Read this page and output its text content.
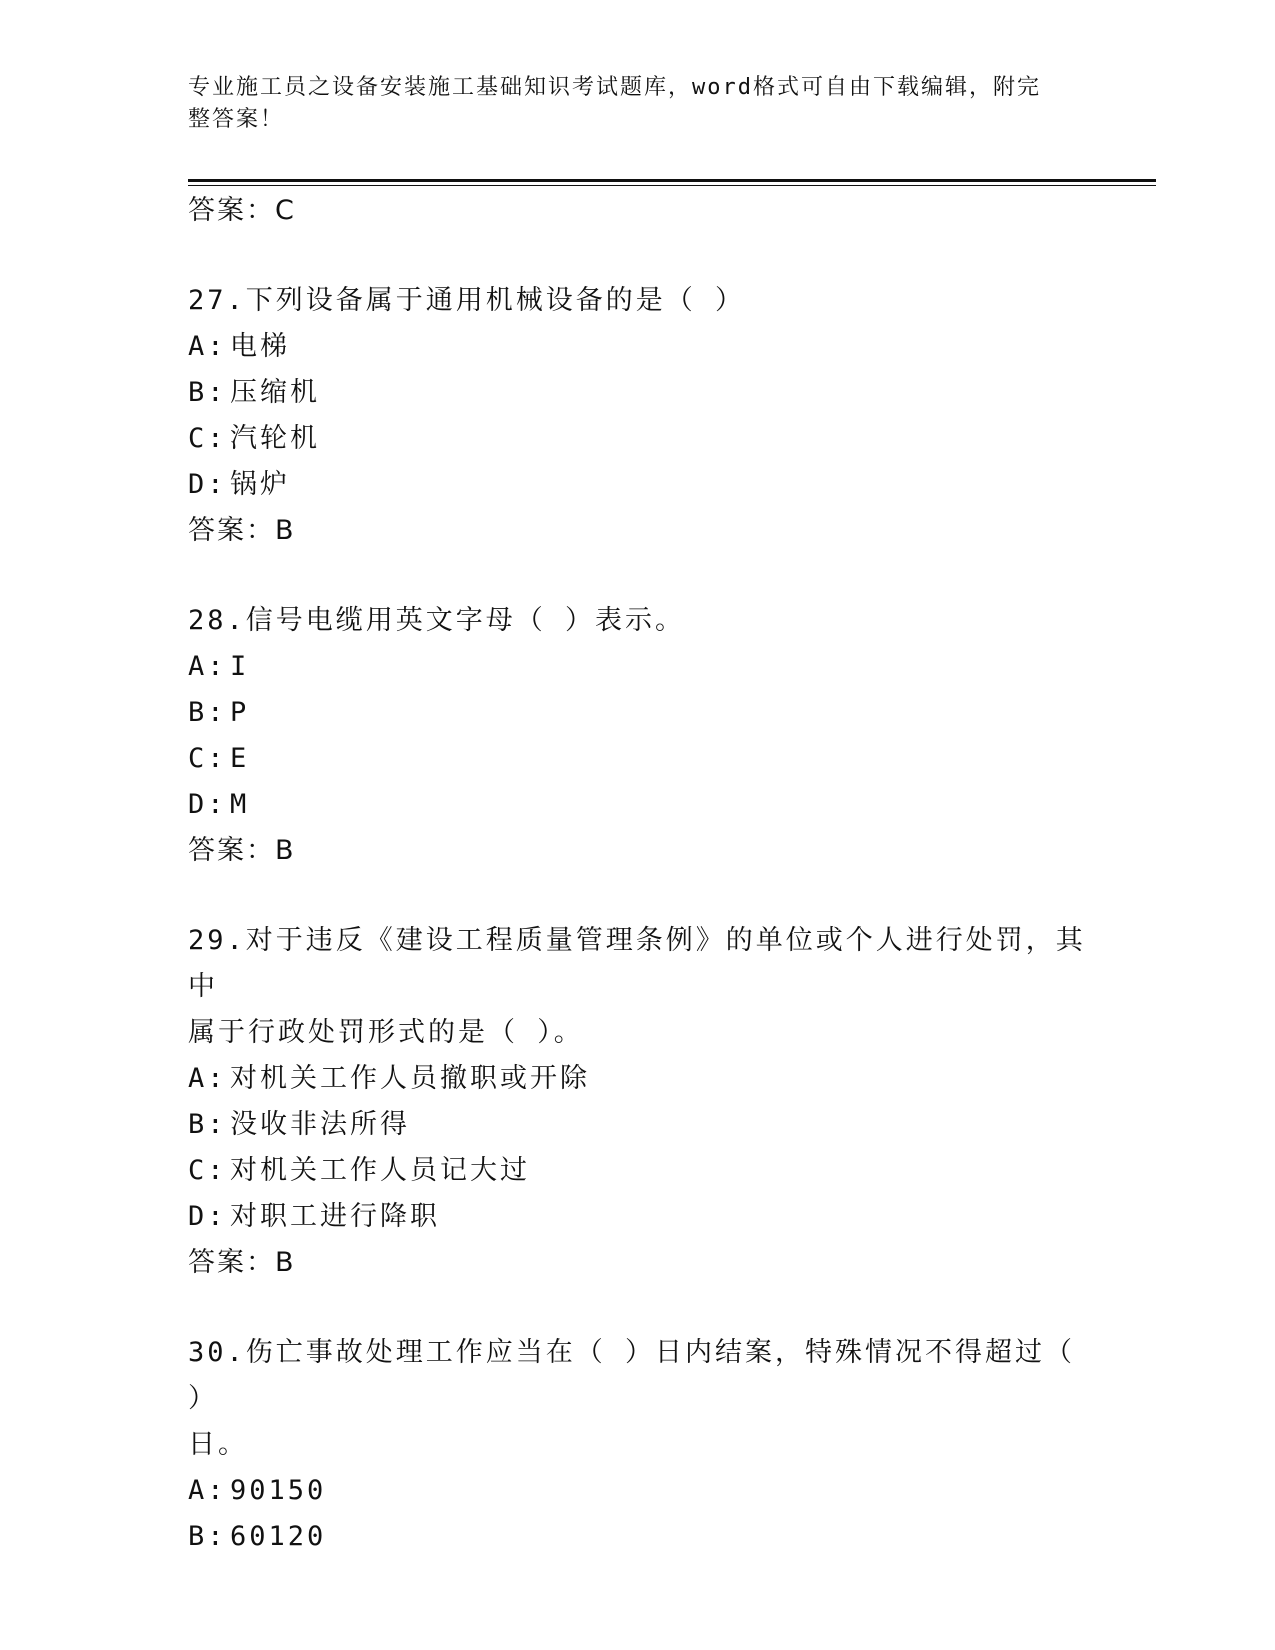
专业施工员之设备安装施工基础知识考试题库，word格式可自由下载编辑，附完
整答案！
答案：C
27.下列设备属于通用机械设备的是（ ）
A: 电梯
B: 压缩机
C: 汽轮机
D: 锅炉
答案：B
28.信号电缆用英文字母（ ）表示。
A: I
B: P
C: E
D: M
答案：B
29.对于违反《建设工程质量管理条例》的单位或个人进行处罚，其中
属于行政处罚形式的是（ ）。
A: 对机关工作人员撤职或开除
B: 没收非法所得
C: 对机关工作人员记大过
D: 对职工进行降职
答案：B
30.伤亡事故处理工作应当在（ ）日内结案，特殊情况不得超过（ ）
日。
A: 90150
B: 60120
